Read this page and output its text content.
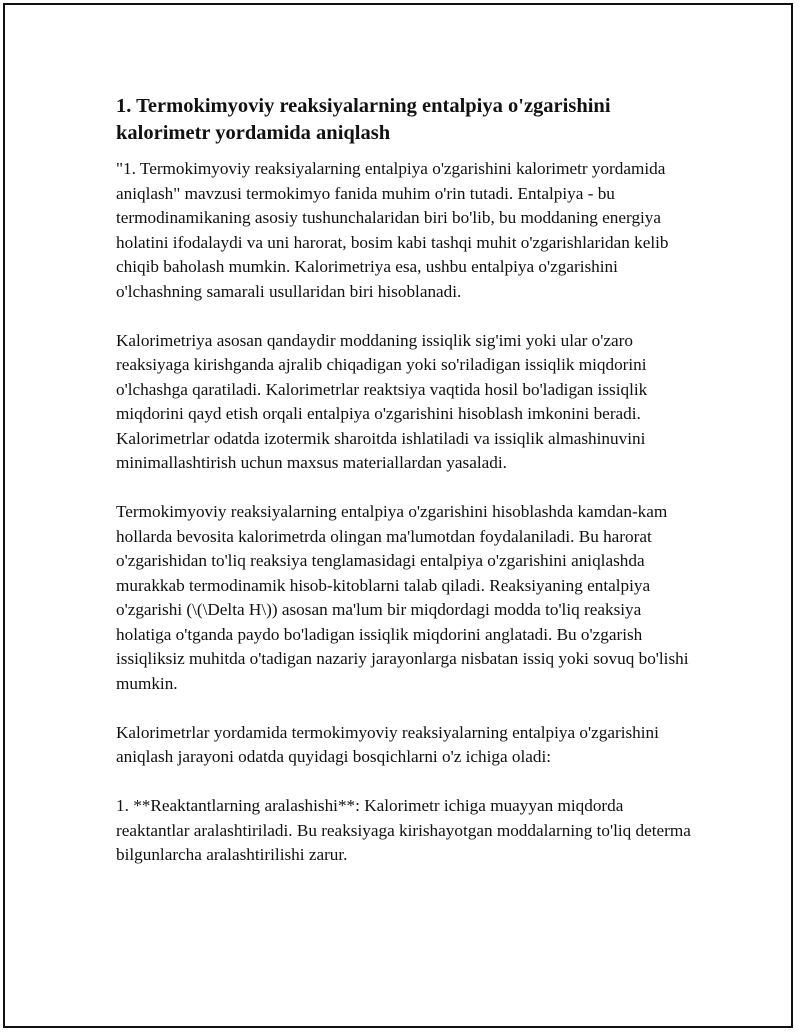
1. Termokimyoviy reaksiyalarning entalpiya o'zgarishini kalorimetr yordamida aniqlash

"1. Termokimyoviy reaksiyalarning entalpiya o'zgarishini kalorimetr yordamida aniqlash" mavzusi termokimyo fanida muhim o'rin tutadi. Entalpiya - bu termodinamikaning asosiy tushunchalaridan biri bo'lib, bu moddaning energiya holatini ifodalaydi va uni harorat, bosim kabi tashqi muhit o'zgarishlaridan kelib chiqib baholash mumkin. Kalorimetriya esa, ushbu entalpiya o'zgarishini o'lchashning samarali usullaridan biri hisoblanadi.

Kalorimetriya asosan qandaydir moddaning issiqlik sig'imi yoki ular o'zaro reaksiyaga kirishganda ajralib chiqadigan yoki so'riladigan issiqlik miqdorini o'lchashga qaratiladi. Kalorimetrlar reaktsiya vaqtida hosil bo'ladigan issiqlik miqdorini qayd etish orqali entalpiya o'zgarishini hisoblash imkonini beradi. Kalorimetrlar odatda izotermik sharoitda ishlatiladi va issiqlik almashinuvini minimallashtirish uchun maxsus materiallardan yasaladi.

Termokimyoviy reaksiyalarning entalpiya o'zgarishini hisoblashda kamdan-kam hollarda bevosita kalorimetrda olingan ma'lumotdan foydalaniladi. Bu harorat o'zgarishidan to'liq reaksiya tenglamasidagi entalpiya o'zgarishini aniqlashda murakkab termodinamik hisob-kitoblarni talab qiladi. Reaksiyaning entalpiya o'zgarishi (\(\Delta H\)) asosan ma'lum bir miqdordagi modda to'liq reaksiya holatiga o'tganda paydo bo'ladigan issiqlik miqdorini anglatadi. Bu o'zgarish issiqliksiz muhitda o'tadigan nazariy jarayonlarga nisbatan issiq yoki sovuq bo'lishi mumkin.

Kalorimetrlar yordamida termokimyoviy reaksiyalarning entalpiya o'zgarishini aniqlash jarayoni odatda quyidagi bosqichlarni o'z ichiga oladi:

1. **Reaktantlarning aralashishi**: Kalorimetr ichiga muayyan miqdorda reaktantlar aralashtiriladi. Bu reaksiyaga kirishayotgan moddalarning to'liq determa bilgunlarcha aralashtirilishi zarur.
